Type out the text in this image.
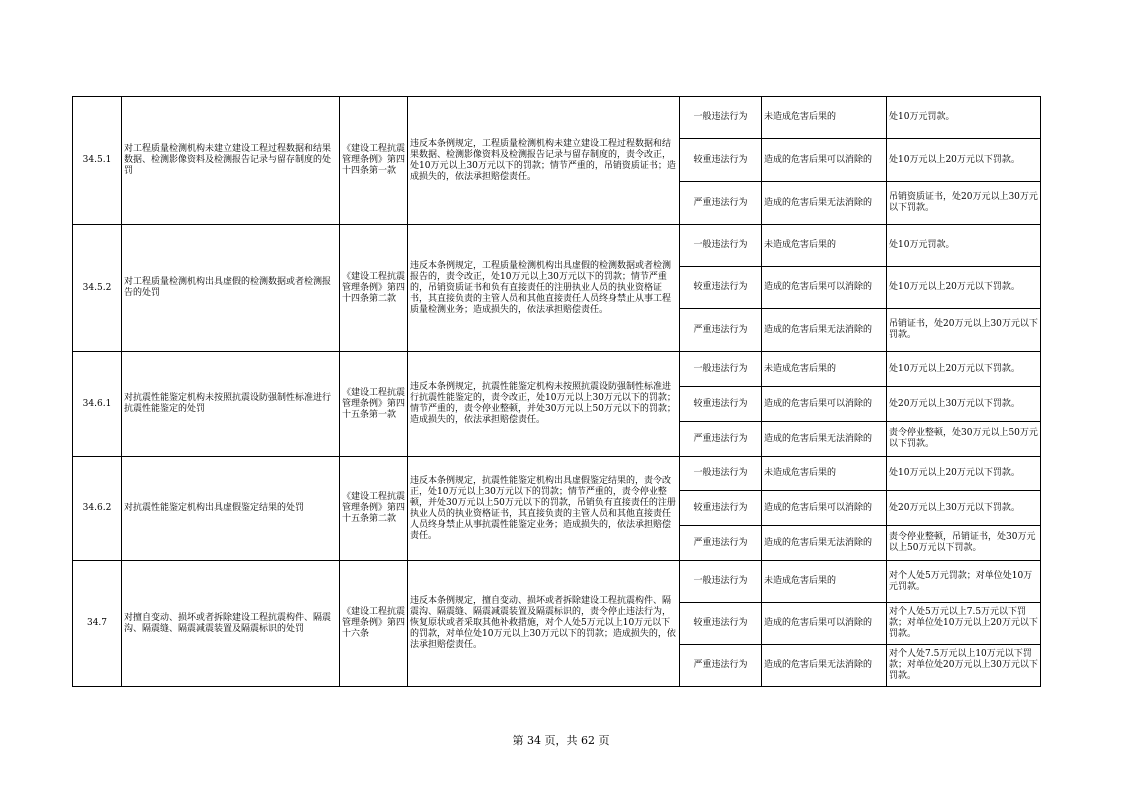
34.5.1	对工程质量检测机构未建立建设工程过程数据和结果数据、检测影像资料及检测报告记录与留存制度的处罚	《建设工程抗震管理条例》第四十四条第一款	违反本条例规定，工程质量检测机构未建立建设工程过程数据和结果数据、检测影像资料及检测报告记录与留存制度的，责令改正，处10万元以上30万元以下的罚款；情节严重的，吊销资质证书；造成损失的，依法承担赔偿责任。	一般违法行为	未造成危害后果的	处10万元罚款。
				较重违法行为	造成的危害后果可以消除的	处10万元以上20万元以下罚款。
				严重违法行为	造成的危害后果无法消除的	吊销资质证书，处20万元以上30万元以下罚款。
34.5.2	对工程质量检测机构出具虚假的检测数据或者检测报告的处罚	《建设工程抗震管理条例》第四十四条第二款	违反本条例规定，工程质量检测机构出具虚假的检测数据或者检测报告的，责令改正，处10万元以上30万元以下的罚款；情节严重的，吊销资质证书和负有直接责任的注册执业人员的执业资格证书，其直接负责的主管人员和其他直接责任人员终身禁止从事工程质量检测业务；造成损失的，依法承担赔偿责任。	一般违法行为	未造成危害后果的	处10万元罚款。
				较重违法行为	造成的危害后果可以消除的	处10万元以上20万元以下罚款。
				严重违法行为	造成的危害后果无法消除的	吊销证书，处20万元以上30万元以下罚款。
34.6.1	对抗震性能鉴定机构未按照抗震设防强制性标准进行抗震性能鉴定的处罚	《建设工程抗震管理条例》第四十五条第一款	违反本条例规定，抗震性能鉴定机构未按照抗震设防强制性标准进行抗震性能鉴定的，责令改正，处10万元以上30万元以下的罚款；情节严重的，责令停业整顿，并处30万元以上50万元以下的罚款；造成损失的，依法承担赔偿责任。	一般违法行为	未造成危害后果的	处10万元以上20万元以下罚款。
				较重违法行为	造成的危害后果可以消除的	处20万元以上30万元以下罚款。
				严重违法行为	造成的危害后果无法消除的	责令停业整顿，处30万元以上50万元以下罚款。
34.6.2	对抗震性能鉴定机构出具虚假鉴定结果的处罚	《建设工程抗震管理条例》第四十五条第二款	违反本条例规定，抗震性能鉴定机构出具虚假鉴定结果的，责令改正，处10万元以上30万元以下的罚款；情节严重的，责令停业整顿，并处30万元以上50万元以下的罚款，吊销负有直接责任的注册执业人员的执业资格证书，其直接负责的主管人员和其他直接责任人员终身禁止从事抗震性能鉴定业务；造成损失的，依法承担赔偿责任。	一般违法行为	未造成危害后果的	处10万元以上20万元以下罚款。
				较重违法行为	造成的危害后果可以消除的	处20万元以上30万元以下罚款。
				严重违法行为	造成的危害后果无法消除的	责令停业整顿，吊销证书，处30万元以上50万元以下罚款。
34.7	对擅自变动、损坏或者拆除建设工程抗震构件、隔震沟、隔震缝、隔震减震装置及隔震标识的处罚	《建设工程抗震管理条例》第四十六条	违反本条例规定，擅自变动、损坏或者拆除建设工程抗震构件、隔震沟、隔震缝、隔震减震装置及隔震标识的，责令停止违法行为，恢复原状或者采取其他补救措施，对个人处5万元以上10万元以下的罚款，对单位处10万元以上30万元以下的罚款；造成损失的，依法承担赔偿责任。	一般违法行为	未造成危害后果的	对个人处5万元罚款；对单位处10万元罚款。
				较重违法行为	造成的危害后果可以消除的	对个人处5万元以上7.5万元以下罚款；对单位处10万元以上20万元以下罚款。
				严重违法行为	造成的危害后果无法消除的	对个人处7.5万元以上10万元以下罚款；对单位处20万元以上30万元以下罚款。
第 34 页，共 62 页
